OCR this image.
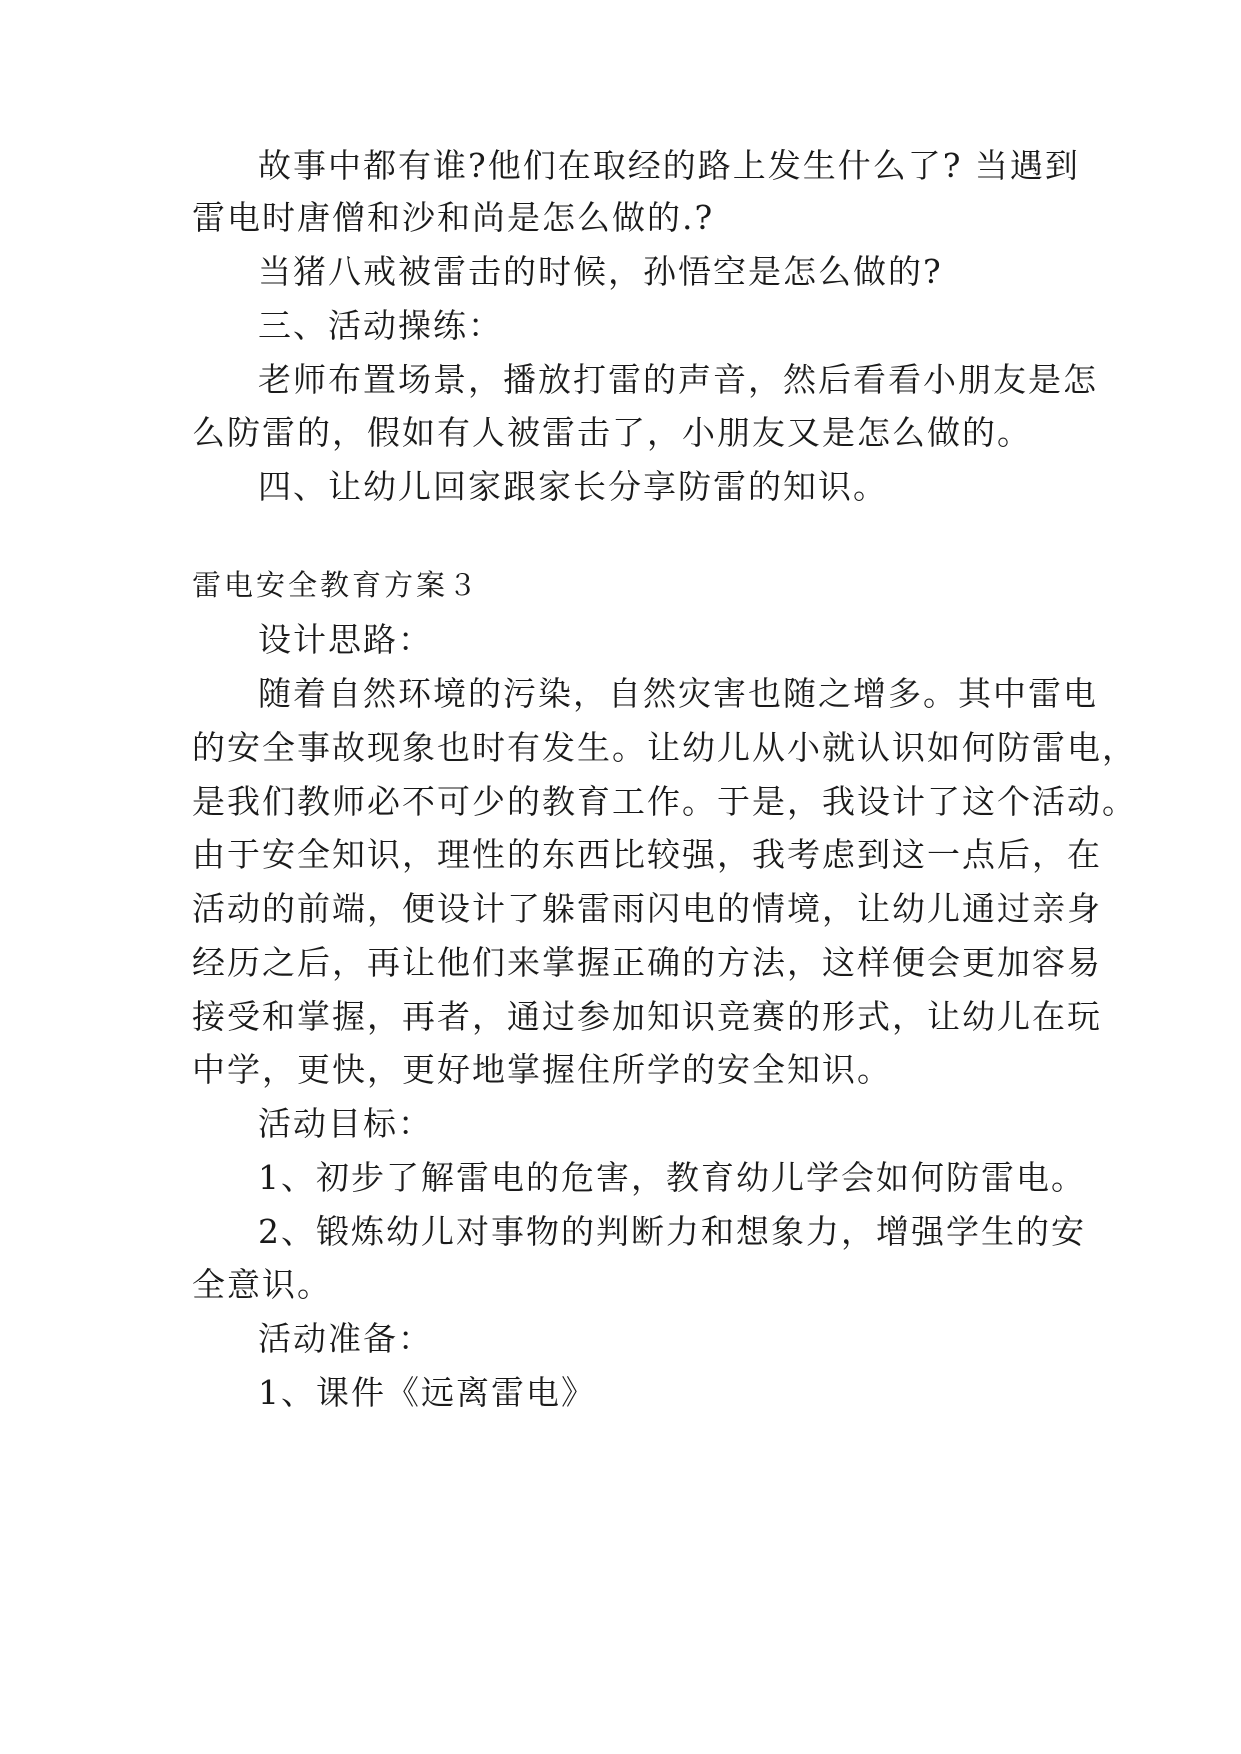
故事中都有谁?他们在取经的路上发生什么了? 当遇到
雷电时唐僧和沙和尚是怎么做的.?
当猪八戒被雷击的时候，孙悟空是怎么做的?
三、活动操练：
老师布置场景，播放打雷的声音，然后看看小朋友是怎
么防雷的，假如有人被雷击了，小朋友又是怎么做的。
四、让幼儿回家跟家长分享防雷的知识。
雷电安全教育方案３
设计思路：
随着自然环境的污染，自然灾害也随之增多。其中雷电
的安全事故现象也时有发生。让幼儿从小就认识如何防雷电，
是我们教师必不可少的教育工作。于是，我设计了这个活动。
由于安全知识，理性的东西比较强，我考虑到这一点后，在
活动的前端，便设计了躲雷雨闪电的情境，让幼儿通过亲身
经历之后，再让他们来掌握正确的方法，这样便会更加容易
接受和掌握，再者，通过参加知识竞赛的形式，让幼儿在玩
中学，更快，更好地掌握住所学的安全知识。
活动目标：
1、初步了解雷电的危害，教育幼儿学会如何防雷电。
2、锻炼幼儿对事物的判断力和想象力，增强学生的安
全意识。
活动准备：
1、课件《远离雷电》
